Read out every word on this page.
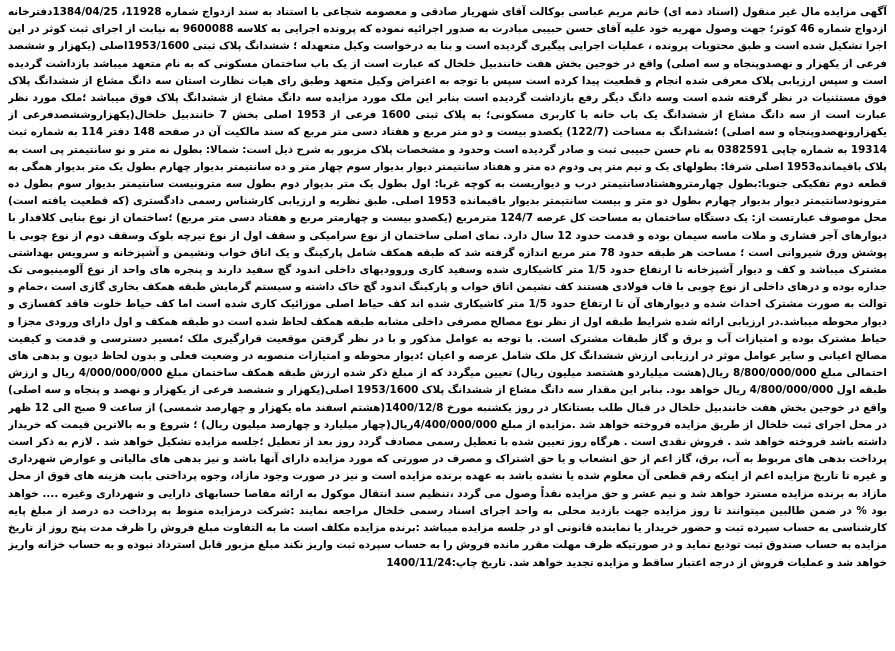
آگهی مزایده مال غیر منقول (اسناد ذمه ای) خانم مریم عباسی بوکالت آقای شهریار صادقی و معصومه شجاعی با استناد به سند ازدواج شماره 11928، 1384/04/25دفترخانه ازدواج شماره 46 کوثر؛ جهت وصول مهریه خود علیه آقای حسن حبیبی مبادرت به صدور اجرائیه نموده که پرونده اجرایی به کلاسه 9600088 به نیابت از اجرای ثبت کوثر در این اجرا تشکیل شده است و طبق محتویات پرونده ، عملیات اجرایی پیگیری گردیده است و بنا به درخواست وکیل متعهدله ؛ ششدانگ پلاک ثبتی 1953/1600اصلی (یکهزار و ششصد فرعی از یکهزار و نهصدوپنجاه و سه اصلی) واقع در خوجین بخش هفت خانندبیل خلخال که عبارت است از یک باب ساختمان مسکونی که به نام متعهد میباشد بازداشت گردیده است و سپس ارزیابی پلاک معرفی شده انجام و قطعیت پیدا کرده است سپس با توجه به اعتراض وکیل متعهد وطبق رای هیات نظارت استان سه دانگ مشاع از ششدانگ پلاک فوق مستثنیات در نظر گرفته شده است وسه دانگ دیگر رفع بازداشت گردیده است بنابر این ملک مورد مزایده سه دانگ مشاع از ششدانگ پلاک فوق میباشد ؛ملک مورد نظر عبارت است از سه دانگ مشاع از ششدانگ یک باب خانه با کاربری مسکونی؛ به پلاک ثبتی 1600 فرعی از 1953 اصلی بخش 7 خانندبیل خلخال(یکهزاروششصدفرعی از یکهزارونهصدوپنجاه و سه اصلی) ؛ششدانگ به مساحت (122/7) یکصدو بیست و دو متر مربع و هفتاد دسی متر مربع که سند مالکیت آن در صفحه 148 دفتر 114 به شماره ثبت 19314 به شماره چاپی 0382591 به نام حسن حبیبی ثبت و صادر گردیده است وحدود و مشخصات پلاک مزبور به شرح ذیل است: شمالا: بطول نه متر و نو سانتیمتر پی است به پلاک باقیمانده1953 اصلی شرقا: بطولهای یک و نیم متر پی ودوم ده متر و هفتاد سانتیمتر دیوار بدیوار سوم چهار متر و ده سانتیمتر بدیوار چهارم بطول یک متر بدیوار همگی به قطعه دوم تفکیکی جنوبا:بطول چهارمتروهشتادسانتیمتر درب و دیواریست به کوچه غربا: اول بطول یک متر بدیوار دوم بطول سه مترونیست سانتیمتر بدیوار سوم بطول ده مترونودسانتیمتر دیوار بدیوار چهارم بطول دو متر و بیست سانتیمتر بدیوار باقیمانده 1953 اصلی. طبق نظریه و ارزیابی کارشناس رسمی دادگستری (که قطعیت یافته است) محل موصوف عبارتست از: یک دستگاه ساختمان به مساحت کل عرصه 124/7 مترمربع (یکصدو بیست و چهارمتر مربع و هفتاد دسی متر مربع) ؛ساختمان از نوع بنایی کلافدار با دیوارهای آجر فشاری و ملات ماسه سیمان بوده و قدمت حدود 12 سال دارد. نمای اصلی ساختمان از نوع سرامیکی و سقف اول از نوع تیرچه بلوک وسقف دوم از نوع چوبی با پوشش ورق شیروانی است ؛ مساحت هر طبقه حدود 78 متر مربع اندازه گرفته شد که طبقه همکف شامل پارکینگ و یک اتاق خواب ونشیمن و آشپزخانه و سرویس بهداشتی مشترک میباشد و کف و دیوار آشپزخانه تا ارتفاع حدود 1/5 متر کاشیکاری شده وسفید کاری وروودیهای داخلی اندود گچ سفید دارند و پنجره های واحد از نوع آلومینیومی تک جداره بوده و درهای داخلی از نوع چوبی با قاب فولادی هستند کف نشیمن اتاق خواب و پارکینگ اندود گچ خاک داشته و سیستم گرمایش طبقه همکف بخاری گازی است ،حمام و توالت به صورت مشترک احداث شده و دیوارهای آن تا ارتفاع حدود 1/5 متر کاشیکاری شده اند کف حیاط اصلی موزائیک کاری شده است اما کف حیاط خلوت فاقد کفسازی و دیوار محوطه میباشد.در ارزیابی ارائه شده شرایط طبقه اول از نظر نوع مصالح مصرفی داخلی مشابه طبقه همکف لحاظ شده است دو طبقه همکف و اول دارای ورودی مجزا و حیاط مشترک بوده و امتیازات آب و برق و گاز طبقات مشترک است. با توجه به عوامل مذکور و با در نظر گرفتن موقعیت قرارگیری ملک ؛مسیر دسترسی و قدمت و کیفیت مصالح اعیانی و سایر عوامل موثر در ارزیابی ارزش ششدانگ کل ملک شامل عرصه و اعیان ؛دیوار محوطه و امتیازات منصوبه در وضعیت فعلی و بدون لحاظ دیون و بدهی های احتمالی مبلغ 8/800/000/000 ریال(هشت میلیاردو هشتصد میلیون ریال) تعیین میگردد که از مبلغ ذکر شده ارزش طبقه همکف ساختمان مبلغ 4/000/000/000 ریال و ارزش طبقه اول 4/800/000/000 ریال خواهد بود. بنابر این مقدار سه دانگ مشاع از ششدانگ پلاک 1953/1600 اصلی(یکهزار و ششصد فرعی از یکهزار و نهصد و پنجاه و سه اصلی) واقع در خوجین بخش هفت خانندبیل خلخال در قبال طلب بستانکار در روز یکشنبه مورخ 1400/12/8(هشتم اسفند ماه یکهزار و چهارصد شمسی) از ساعت 9 صبح الی 12 ظهر در محل اجرای ثبت خلخال از طریق مزایده فروخته خواهد شد .مزایده از مبلغ 4/400/000/000ریال(چهار میلیارد و چهارصد میلیون ریال) ؛ شروع و به بالاترین قیمت که خریدار داشته باشد فروخته خواهد شد . فروش نقدی است . هرگاه روز تعیین شده با تعطیل رسمی مصادف گردد روز بعد از تعطیل ؛جلسه مزایده تشکیل خواهد شد . لازم به ذکر است پرداخت بدهی های مربوط به آب، برق، گاز اعم از حق انشعاب و یا حق اشتراک و مصرف در صورتی که مورد مزایده دارای آنها باشد و نیز بدهی های مالیاتی و عوارض شهرداری و غیره تا تاریخ مزایده اعم از اینکه رقم قطعی آن معلوم شده یا نشده باشد به عهده برنده مزایده است و نیز در صورت وجود مازاد، وجوه پرداختی بابت هزینه های فوق از محل مازاد به برنده مزایده مسترد خواهد شد و نیم عشر و حق مزایده نقداً وصول می گردد ،تنظیم سند انتقال موکول به ارائه مفاصا حسابهای دارایی و شهرداری وغیره .... خواهد بود % در ضمن طالبین میتوانند تا روز مزایده جهت بازدید محلی به واحد اجرای اسناد رسمی خلخال مراجعه نمایند :شرکت درمزایده منوط به پرداخت ده درصد از مبلغ پایه کارشناسی به حساب سپرده ثبت و حضور خریدار یا نماینده قانونی او در جلسه مزایده میباشد :برنده مزایده مکلف است ما به التفاوت مبلغ فروش را ظرف مدت پنج روز از تاریخ مزایده به حساب صندوق ثبت تودیع نماید و در صورتیکه ظرف مهلت مقرر مانده فروش را به حساب سپرده ثبت واریز نکند مبلغ مزبور قابل استرداد نبوده و به حساب خزانه واریز خواهد شد و عملیات فروش از درجه اعتبار ساقط و مزایده تجدید خواهد شد. تاریخ چاپ:1400/11/24
